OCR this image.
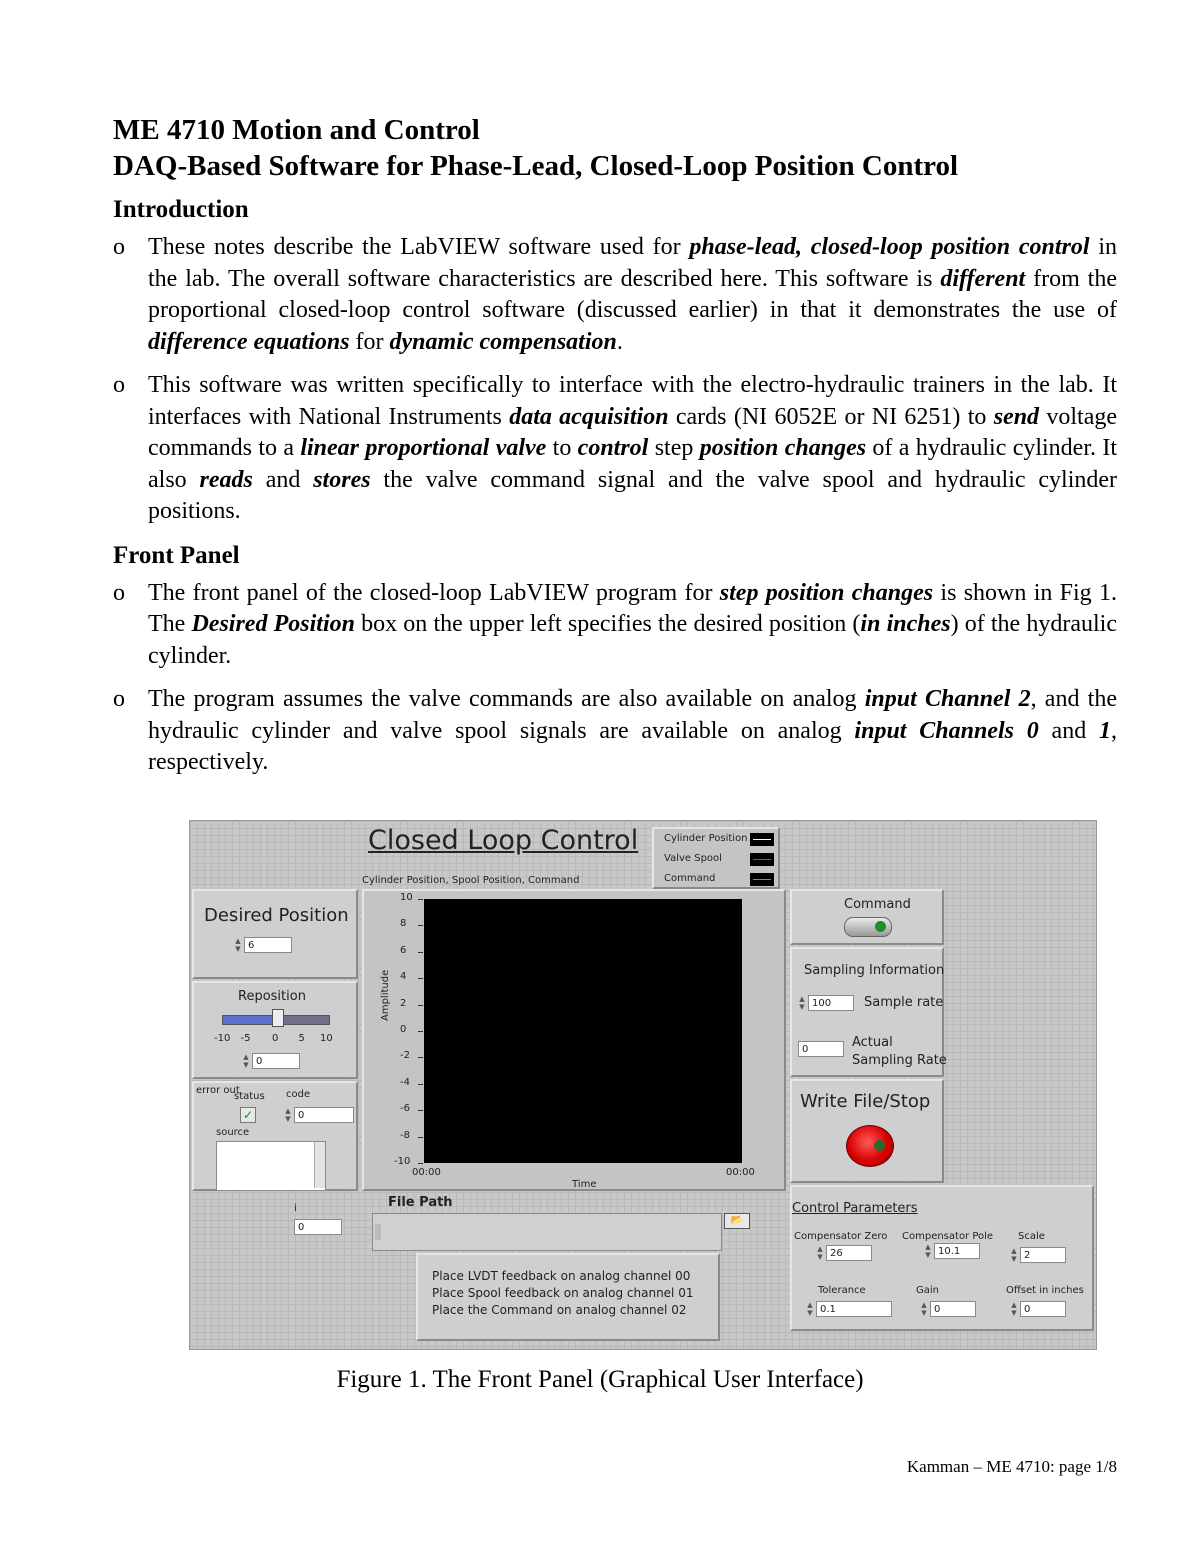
ME 4710 Motion and Control
DAQ-Based Software for Phase-Lead, Closed-Loop Position Control
Introduction
o These notes describe the LabVIEW software used for phase-lead, closed-loop position control in the lab. The overall software characteristics are described here. This software is different from the proportional closed-loop control software (discussed earlier) in that it demonstrates the use of difference equations for dynamic compensation.
o This software was written specifically to interface with the electro-hydraulic trainers in the lab. It interfaces with National Instruments data acquisition cards (NI 6052E or NI 6251) to send voltage commands to a linear proportional valve to control step position changes of a hydraulic cylinder. It also reads and stores the valve command signal and the valve spool and hydraulic cylinder positions.
Front Panel
o The front panel of the closed-loop LabVIEW program for step position changes is shown in Fig 1. The Desired Position box on the upper left specifies the desired position (in inches) of the hydraulic cylinder.
o The program assumes the valve commands are also available on analog input Channel 2, and the hydraulic cylinder and valve spool signals are available on analog input Channels 0 and 1, respectively.
Closed Loop Control
Cylinder Position, Spool Position, Command
Cylinder Position
Valve Spool
Command
10
8
6
4
2
0
-2
-4
-6
-8
-10
Amplitude
00:00	00:00
Time
Desired Position
▲
▼ 6
Reposition
-10 -5 0 5 10
▲
▼ 0
error out
status code
✓	▲
▼ 0
source
i
0
File Path
📂
Place LVDT feedback on analog channel 00
Place Spool feedback on analog channel 01
Place the Command on analog channel 02
Command
Sampling Information
▲
▼ 100	Sample rate
0	Actual
Sampling Rate
Write File/Stop
Control Parameters
Compensator Zero
▲
▼ 26
Compensator Pole
▲
▼ 10.1
Scale
▲
▼ 2
Tolerance
▲
▼ 0.1
Gain
▲
▼ 0
Offset in inches
▲
▼ 0
Figure 1. The Front Panel (Graphical User Interface)
Kamman – ME 4710: page 1/8
